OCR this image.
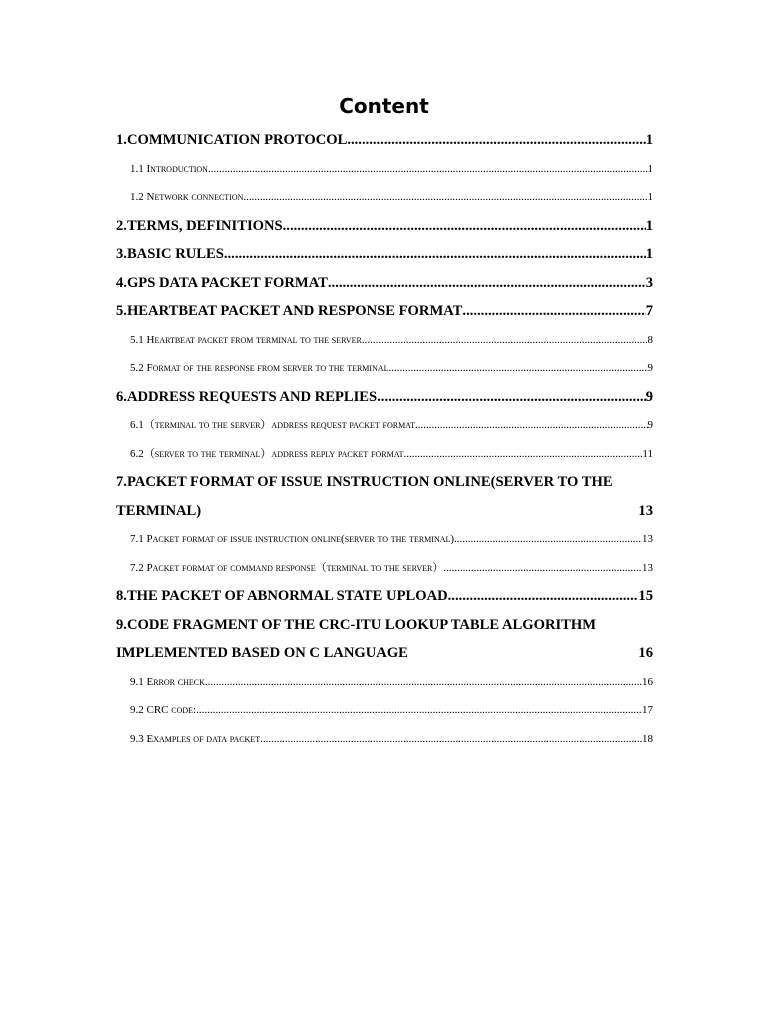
Content
1.COMMUNICATION PROTOCOL .....	1
1.1 Introduction .....	1
1.2 Network connection .....	1
2.TERMS, DEFINITIONS .....	1
3.BASIC RULES .....	1
4.GPS DATA PACKET FORMAT .....	3
5.HEARTBEAT PACKET AND RESPONSE FORMAT .....	7
5.1 Heartbeat packet from terminal to the server .....	8
5.2 Format of the response from server to the terminal .....	9
6.ADDRESS REQUESTS AND REPLIES .....	9
6.1（terminal to the server）address request packet format .....	9
6.2（server to the terminal）address reply packet format .....	11
7.PACKET FORMAT OF ISSUE INSTRUCTION ONLINE(SERVER TO THE
TERMINAL)	13
7.1 Packet format of issue instruction online(server to the terminal) .....	13
7.2 Packet format of command response（terminal to the server） .....	13
8.THE PACKET OF ABNORMAL STATE UPLOAD .....	15
9.CODE FRAGMENT OF THE CRC-ITU LOOKUP TABLE ALGORITHM
IMPLEMENTED BASED ON C LANGUAGE	16
9.1 Error check .....	16
9.2 CRC code: .....	17
9.3 Examples of data packet .....	18
